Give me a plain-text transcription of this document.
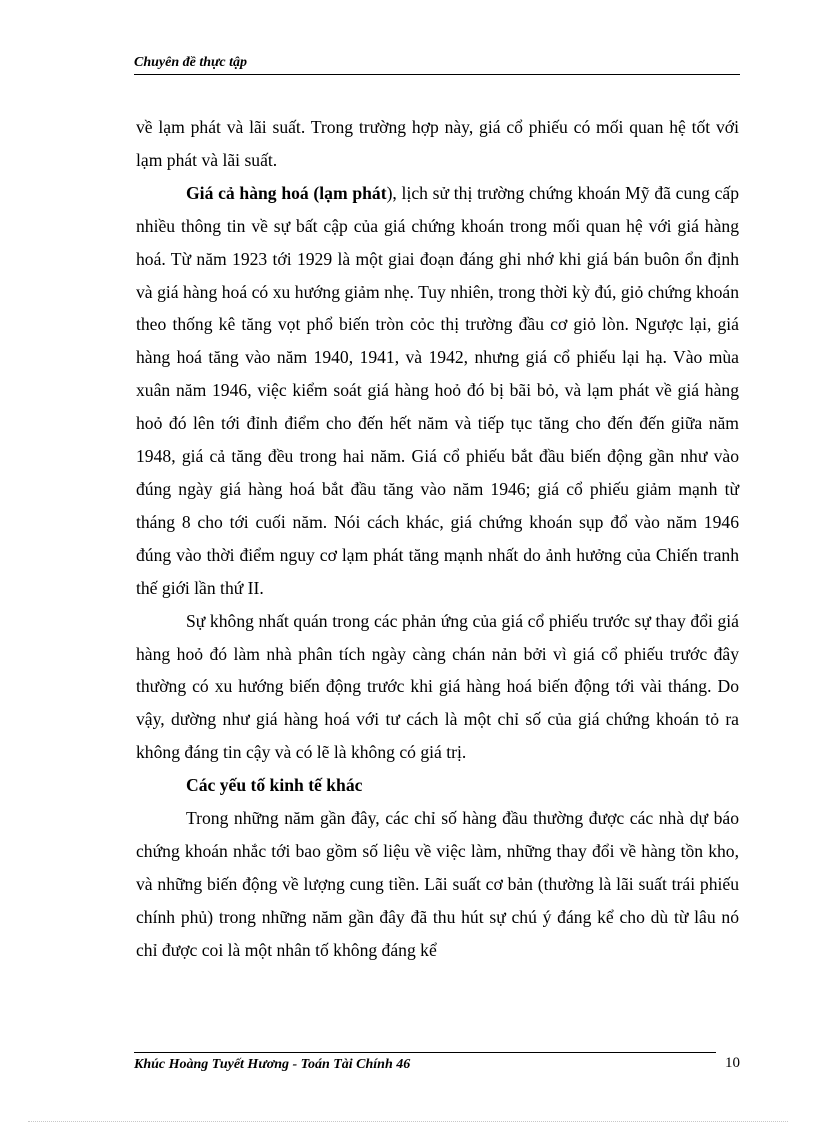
Chuyên đề thực tập

về lạm phát và lãi suất. Trong trường hợp này, giá cổ phiếu có mối quan hệ tốt với lạm phát và lãi suất.

Giá cả hàng hoá (lạm phát), lịch sử thị trường chứng khoán Mỹ đã cung cấp nhiều thông tin về sự bất cập của giá chứng khoán trong mối quan hệ với giá hàng hoá. Từ năm 1923 tới 1929 là một giai đoạn đáng ghi nhớ khi giá bán buôn ổn định và giá hàng hoá có xu hướng giảm nhẹ. Tuy nhiên, trong thời kỳ đú, giỏ chứng khoán theo thống kê tăng vọt phổ biến tròn cỏc thị trường đầu cơ giỏ lòn. Ngược lại, giá hàng hoá tăng vào năm 1940, 1941, và 1942, nhưng giá cổ phiếu lại hạ. Vào mùa xuân năm 1946, việc kiểm soát giá hàng hoỏ đó bị bãi bỏ, và lạm phát về giá hàng hoỏ đó lên tới đỉnh điểm cho đến hết năm và tiếp tục tăng cho đến đến giữa năm 1948, giá cả tăng đều trong hai năm. Giá cổ phiếu bắt đầu biến động gần như vào đúng ngày giá hàng hoá bắt đầu tăng vào năm 1946; giá cổ phiếu giảm mạnh từ tháng 8 cho tới cuối năm. Nói cách khác, giá chứng khoán sụp đổ vào năm 1946 đúng vào thời điểm nguy cơ lạm phát tăng mạnh nhất do ảnh hưởng của Chiến tranh thế giới lần thứ II.

Sự không nhất quán trong các phản ứng của giá cổ phiếu trước sự thay đổi giá hàng hoỏ đó làm nhà phân tích ngày càng chán nản bởi vì giá cổ phiếu trước đây thường có xu hướng biến động trước khi giá hàng hoá biến động tới vài tháng. Do vậy, dường như giá hàng hoá với tư cách là một chỉ số của giá chứng khoán tỏ ra không đáng tin cậy và có lẽ là không có giá trị.

Các yếu tố kinh tế khác

Trong những năm gần đây, các chỉ số hàng đầu thường được các nhà dự báo chứng khoán nhắc tới bao gồm số liệu về việc làm, những thay đổi về hàng tồn kho, và những biến động về lượng cung tiền. Lãi suất cơ bản (thường là lãi suất trái phiếu chính phủ) trong những năm gần đây đã thu hút sự chú ý đáng kể cho dù từ lâu nó chỉ được coi là một nhân tố không đáng kể

Khúc Hoàng Tuyết Hương - Toán Tài Chính 46	10
